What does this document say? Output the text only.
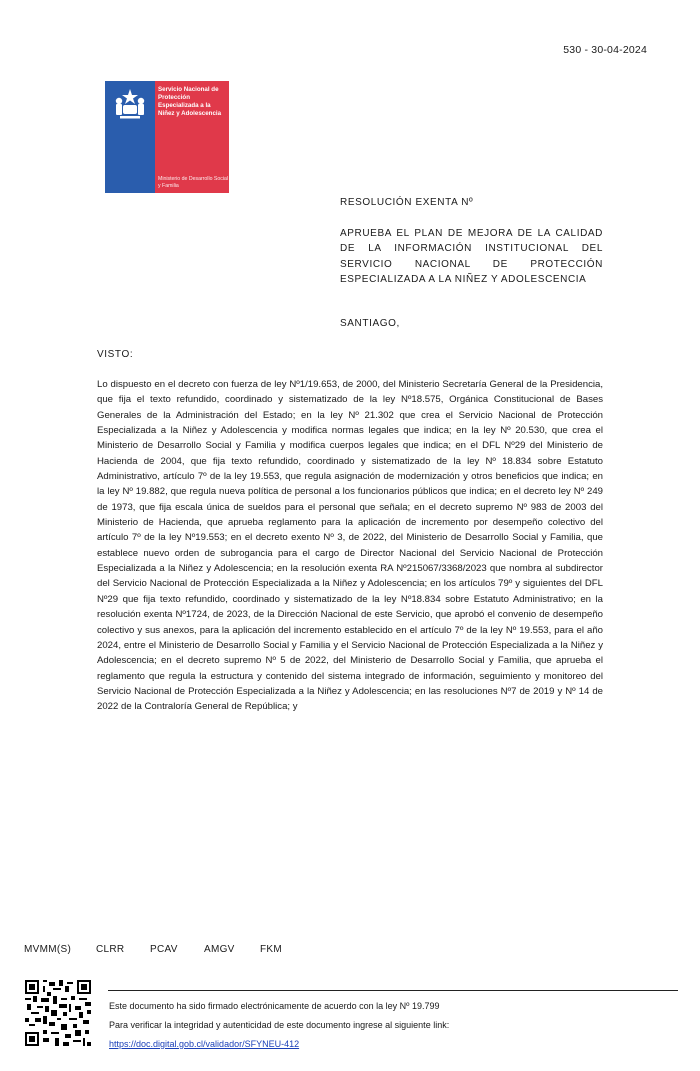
530 - 30-04-2024
Servicio Nacional de Protección Especializada a la Niñez y Adolescencia
Ministerio de Desarrollo Social y Familia
RESOLUCIÓN EXENTA Nº
APRUEBA EL PLAN DE MEJORA DE LA CALIDAD DE LA INFORMACIÓN INSTITUCIONAL DEL SERVICIO NACIONAL DE PROTECCIÓN ESPECIALIZADA A LA NIÑEZ Y ADOLESCENCIA
SANTIAGO,
VISTO:
Lo dispuesto en el decreto con fuerza de ley Nº1/19.653, de 2000, del Ministerio Secretaría General de la Presidencia, que fija el texto refundido, coordinado y sistematizado de la ley Nº18.575, Orgánica Constitucional de Bases Generales de la Administración del Estado; en la ley Nº 21.302 que crea el Servicio Nacional de Protección Especializada a la Niñez y Adolescencia y modifica normas legales que indica; en la ley Nº 20.530, que crea el Ministerio de Desarrollo Social y Familia y modifica cuerpos legales que indica; en el DFL Nº29 del Ministerio de Hacienda de 2004, que fija texto refundido, coordinado y sistematizado de la ley Nº 18.834 sobre Estatuto Administrativo, artículo 7º de la ley 19.553, que regula asignación de modernización y otros beneficios que indica; en la ley Nº 19.882, que regula nueva política de personal a los funcionarios públicos que indica; en el decreto ley Nº 249 de 1973, que fija escala única de sueldos para el personal que señala; en el decreto supremo Nº 983 de 2003 del Ministerio de Hacienda, que aprueba reglamento para la aplicación de incremento por desempeño colectivo del artículo 7º de la ley Nº19.553; en el decreto exento Nº 3, de 2022, del Ministerio de Desarrollo Social y Familia, que establece nuevo orden de subrogancia para el cargo de Director Nacional del Servicio Nacional de Protección Especializada a la Niñez y Adolescencia; en la resolución exenta RA Nº215067/3368/2023 que nombra al subdirector del Servicio Nacional de Protección Especializada a la Niñez y Adolescencia; en los artículos 79º y siguientes del DFL Nº29 que fija texto refundido, coordinado y sistematizado de la ley Nº18.834 sobre Estatuto Administrativo; en la resolución exenta Nº1724, de 2023, de la Dirección Nacional de este Servicio, que aprobó el convenio de desempeño colectivo y sus anexos, para la aplicación del incremento establecido en el artículo 7º de la ley Nº 19.553, para el año 2024, entre el Ministerio de Desarrollo Social y Familia y el Servicio Nacional de Protección Especializada a la Niñez y Adolescencia; en el decreto supremo Nº 5 de 2022, del Ministerio de Desarrollo Social y Familia, que aprueba el reglamento que regula la estructura y contenido del sistema integrado de información, seguimiento y monitoreo del Servicio Nacional de Protección Especializada a la Niñez y Adolescencia; en las resoluciones Nº7 de 2019 y Nº 14 de 2022 de la Contraloría General de República; y
MVMM(S)	CLRR	PCAV	AMGV	FKM
Este documento ha sido firmado electrónicamente de acuerdo con la ley Nº 19.799
Para verificar la integridad y autenticidad de este documento ingrese al siguiente link:
https://doc.digital.gob.cl/validador/SFYNEU-412
